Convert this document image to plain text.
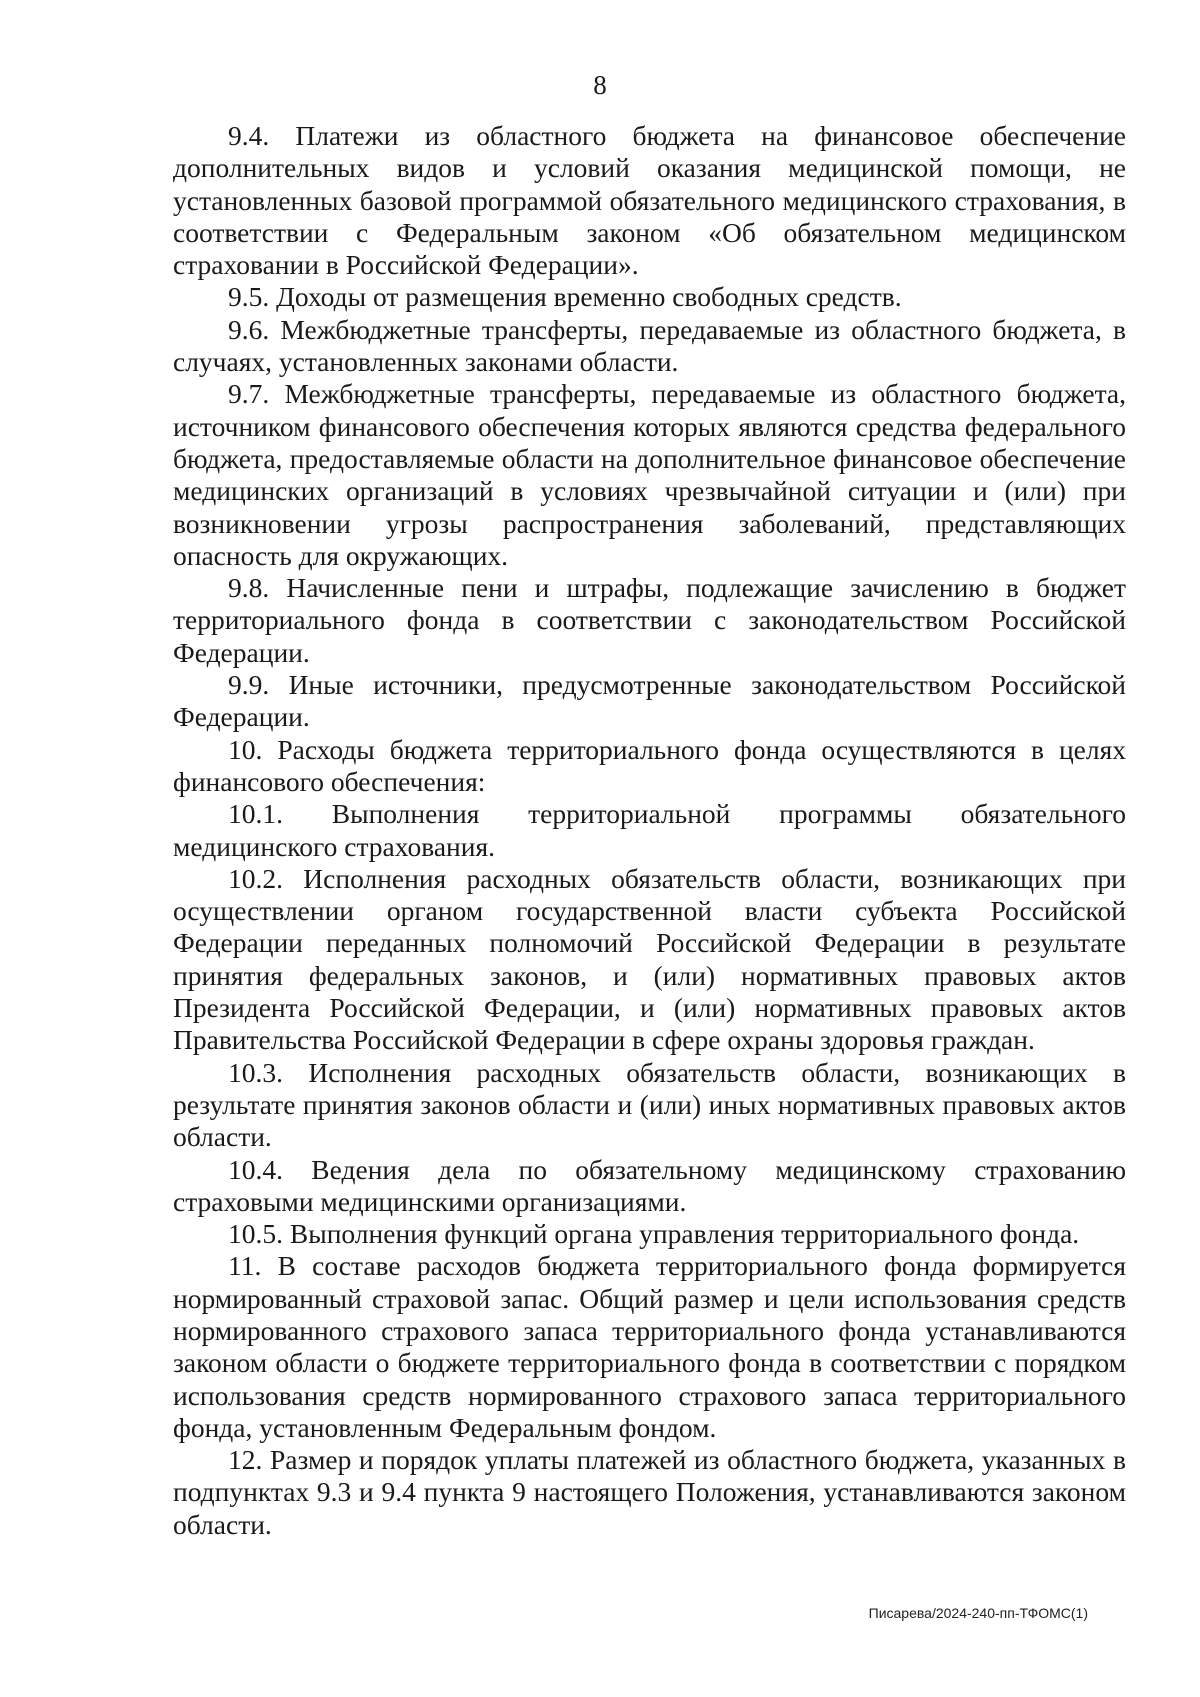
8

9.4. Платежи из областного бюджета на финансовое обеспечение дополнительных видов и условий оказания медицинской помощи, не установленных базовой программой обязательного медицинского страхования, в соответствии с Федеральным законом «Об обязательном медицинском страховании в Российской Федерации».

9.5. Доходы от размещения временно свободных средств.

9.6. Межбюджетные трансферты, передаваемые из областного бюджета, в случаях, установленных законами области.

9.7. Межбюджетные трансферты, передаваемые из областного бюджета, источником финансового обеспечения которых являются средства федерального бюджета, предоставляемые области на дополнительное финансовое обеспечение медицинских организаций в условиях чрезвычайной ситуации и (или) при возникновении угрозы распространения заболеваний, представляющих опасность для окружающих.

9.8. Начисленные пени и штрафы, подлежащие зачислению в бюджет территориального фонда в соответствии с законодательством Российской Федерации.

9.9. Иные источники, предусмотренные законодательством Российской Федерации.

10. Расходы бюджета территориального фонда осуществляются в целях финансового обеспечения:

10.1. Выполнения территориальной программы обязательного медицинского страхования.

10.2. Исполнения расходных обязательств области, возникающих при осуществлении органом государственной власти субъекта Российской Федерации переданных полномочий Российской Федерации в результате принятия федеральных законов, и (или) нормативных правовых актов Президента Российской Федерации, и (или) нормативных правовых актов Правительства Российской Федерации в сфере охраны здоровья граждан.

10.3. Исполнения расходных обязательств области, возникающих в результате принятия законов области и (или) иных нормативных правовых актов области.

10.4. Ведения дела по обязательному медицинскому страхованию страховыми медицинскими организациями.

10.5. Выполнения функций органа управления территориального фонда.

11. В составе расходов бюджета территориального фонда формируется нормированный страховой запас. Общий размер и цели использования средств нормированного страхового запаса территориального фонда устанавливаются законом области о бюджете территориального фонда в соответствии с порядком использования средств нормированного страхового запаса территориального фонда, установленным Федеральным фондом.

12. Размер и порядок уплаты платежей из областного бюджета, указанных в подпунктах 9.3 и 9.4 пункта 9 настоящего Положения, устанавливаются законом области.

Писарева/2024-240-пп-ТФОМС(1)
